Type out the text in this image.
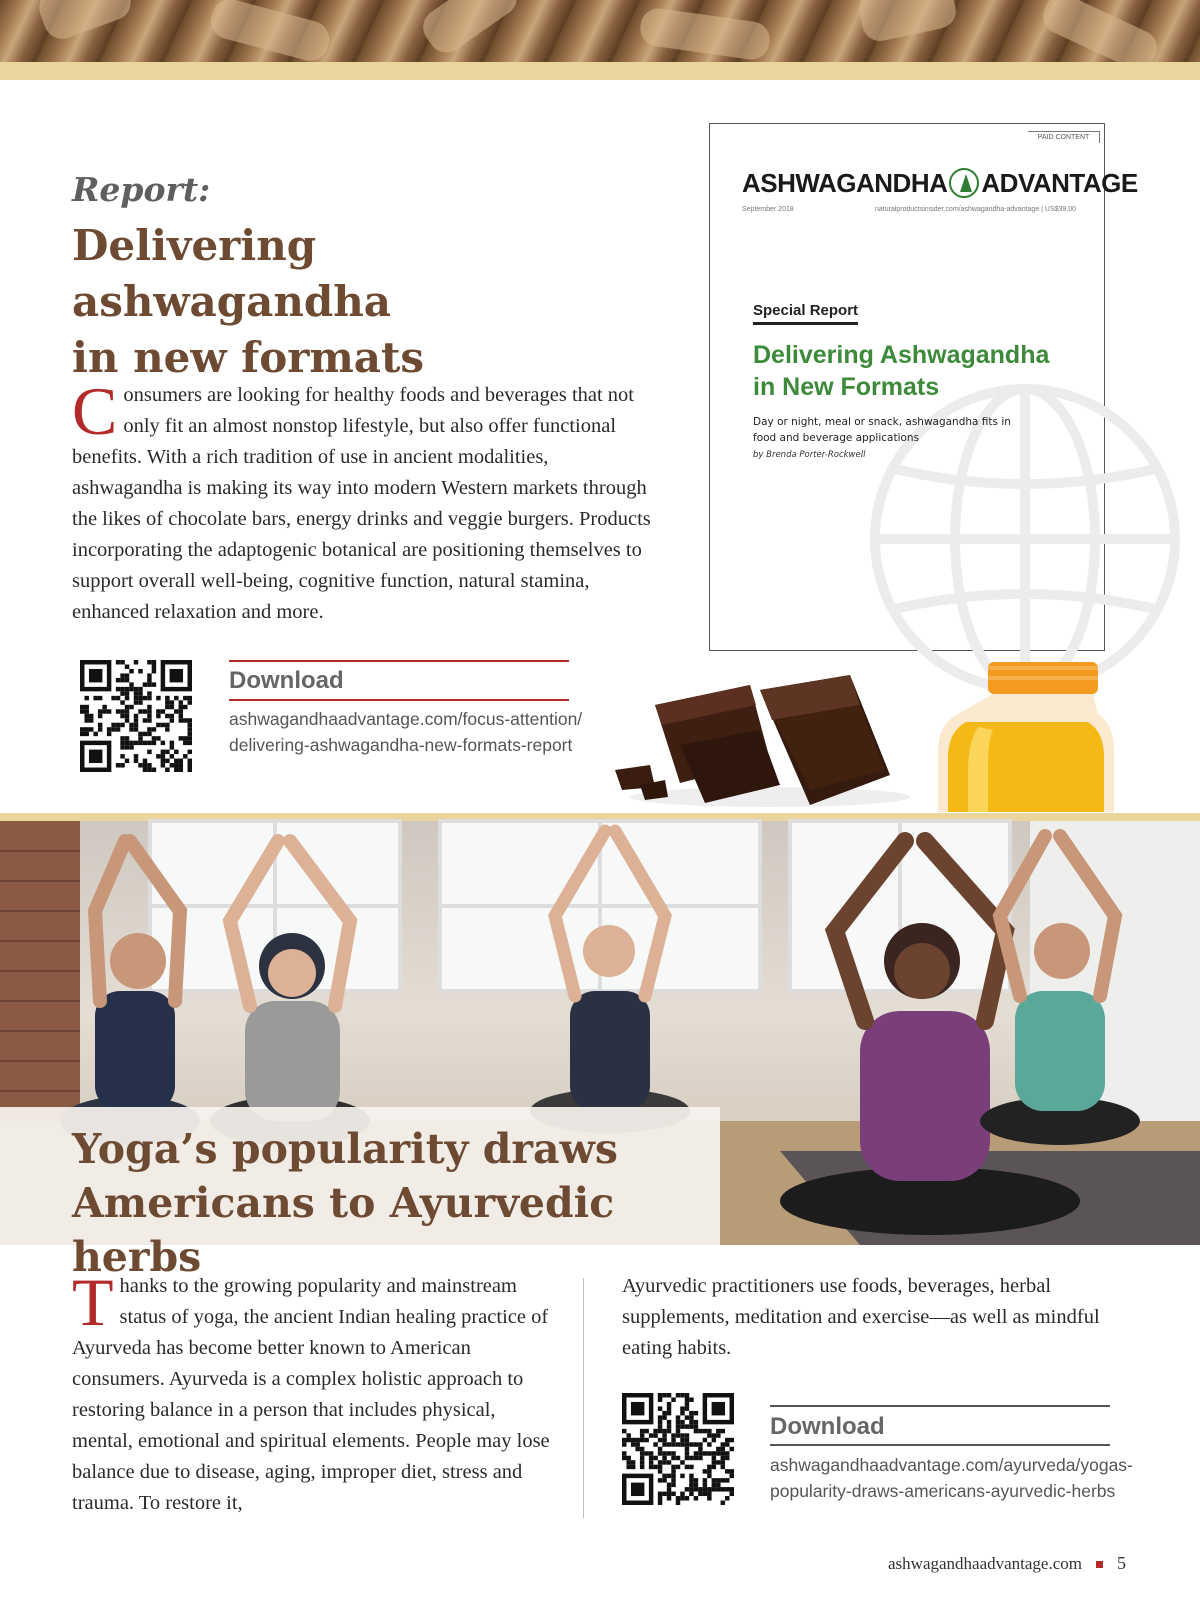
Report:
Delivering ashwagandha
in new formats
Consumers are looking for healthy foods and beverages that not only fit an almost nonstop lifestyle, but also offer functional benefits. With a rich tradition of use in ancient modalities, ashwagandha is making its way into modern Western markets through the likes of chocolate bars, energy drinks and veggie burgers. Products incorporating the adaptogenic botanical are positioning themselves to support overall well-being, cognitive function, natural stamina, enhanced relaxation and more.
PAID CONTENT
ASHWAGANDHA ADVANTAGE
September 2018	naturalproductsinsider.com/ashwagandha-advantage | US$39.00
Special Report
Delivering Ashwagandha
in New Formats
Day or night, meal or snack, ashwagandha fits in food and beverage applications
by Brenda Porter-Rockwell
Download
ashwagandhaadvantage.com/focus-attention/
delivering-ashwagandha-new-formats-report
Yoga’s popularity draws
Americans to Ayurvedic herbs
Thanks to the growing popularity and mainstream status of yoga, the ancient Indian healing practice of Ayurveda has become better known to American consumers. Ayurveda is a complex holistic approach to restoring balance in a person that includes physical, mental, emotional and spiritual elements. People may lose balance due to disease, aging, improper diet, stress and trauma. To restore it,
Ayurvedic practitioners use foods, beverages, herbal supplements, meditation and exercise—as well as mindful eating habits.
Download
ashwagandhaadvantage.com/ayurveda/yogas-
popularity-draws-americans-ayurvedic-herbs
ashwagandhaadvantage.com 5
